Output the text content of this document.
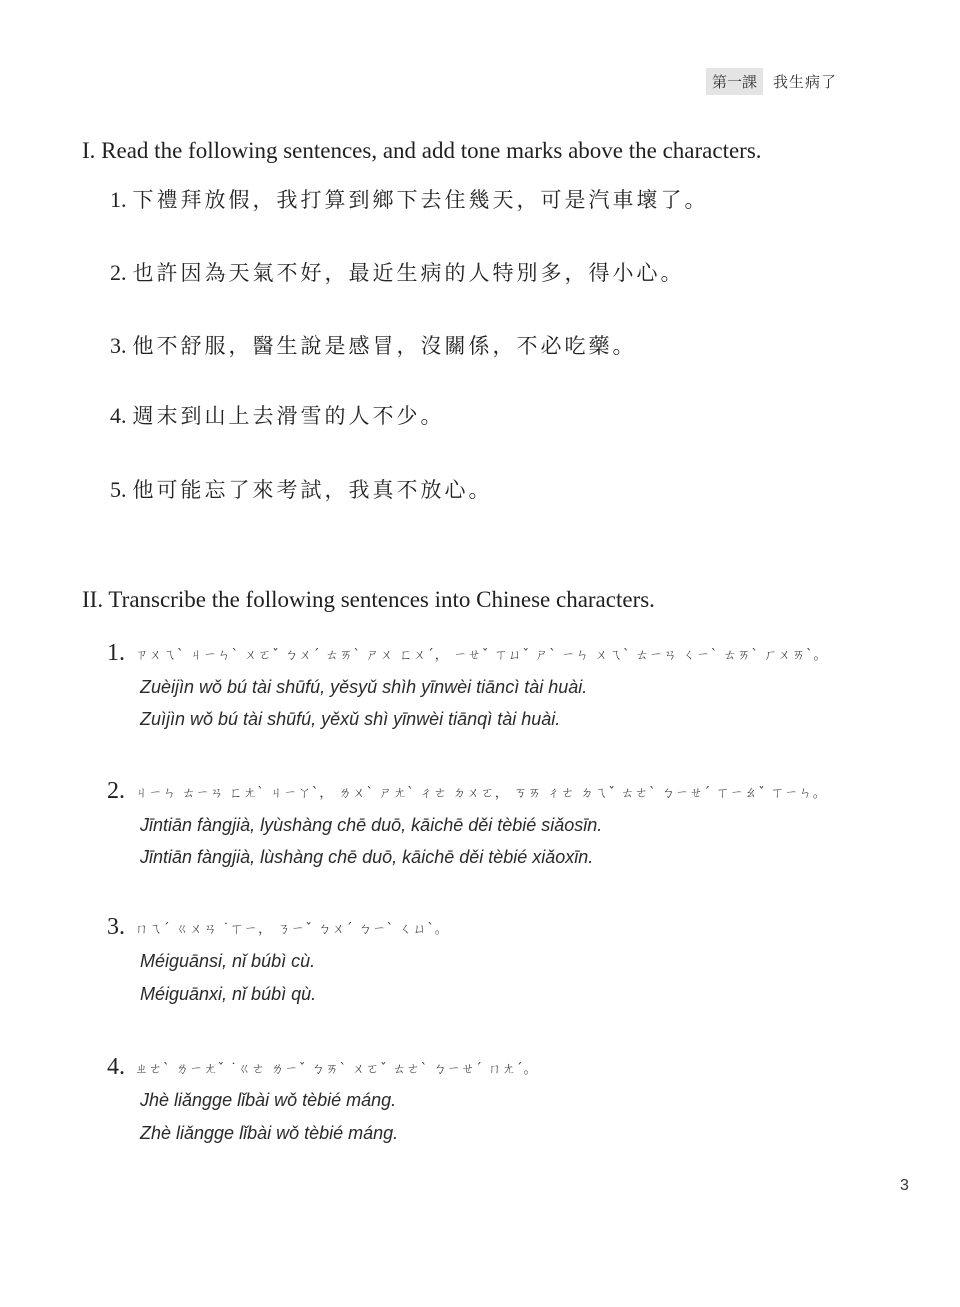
第一課	我生病了
I. Read the following sentences, and add tone marks above the characters.
1. 下禮拜放假，我打算到鄉下去住幾天，可是汽車壞了。
2. 也許因為天氣不好，最近生病的人特別多，得小心。
3. 他不舒服，醫生說是感冒，沒關係，不必吃藥。
4. 週末到山上去滑雪的人不少。
5. 他可能忘了來考試，我真不放心。
II. Transcribe the following sentences into Chinese characters.
1. ㄗㄨㄟˋ ㄐㄧㄣˋ ㄨㄛˇ ㄅㄨˊ ㄊㄞˋ ㄕㄨ ㄈㄨˊ， ㄧㄝˇ ㄒㄩˇ ㄕˋ ㄧㄣ ㄨㄟˋ ㄊㄧㄢ ㄑㄧˋ ㄊㄞˋ ㄏㄨㄞˋ。
Zuèijìn wǒ bú tài shūfú, yěsyǔ shìh yīnwèi tiāncì tài huài.
Zuìjìn wǒ bú tài shūfú, yěxǔ shì yīnwèi tiānqì tài huài.
2. ㄐㄧㄣ ㄊㄧㄢ ㄈㄤˋ ㄐㄧㄚˋ， ㄌㄨˋ ㄕㄤˋ ㄔㄜ ㄉㄨㄛ， ㄎㄞ ㄔㄜ ㄉㄟˇ ㄊㄜˋ ㄅㄧㄝˊ ㄒㄧㄠˇ ㄒㄧㄣ。
Jīntiān fàngjià, lyùshàng chē duō, kāichē děi tèbié siǎosīn.
Jīntiān fàngjià, lùshàng chē duō, kāichē děi tèbié xiǎoxīn.
3. ㄇㄟˊ ㄍㄨㄢ ˙ㄒㄧ， ㄋㄧˇ ㄅㄨˊ ㄅㄧˋ ㄑㄩˋ。
Méiguānsi, nǐ búbì cù.
Méiguānxi, nǐ búbì qù.
4. ㄓㄜˋ ㄌㄧㄤˇ ˙ㄍㄜ ㄌㄧˇ ㄅㄞˋ ㄨㄛˇ ㄊㄜˋ ㄅㄧㄝˊ ㄇㄤˊ。
Jhè liǎngge lǐbài wǒ tèbié máng.
Zhè liǎngge lǐbài wǒ tèbié máng.
3
